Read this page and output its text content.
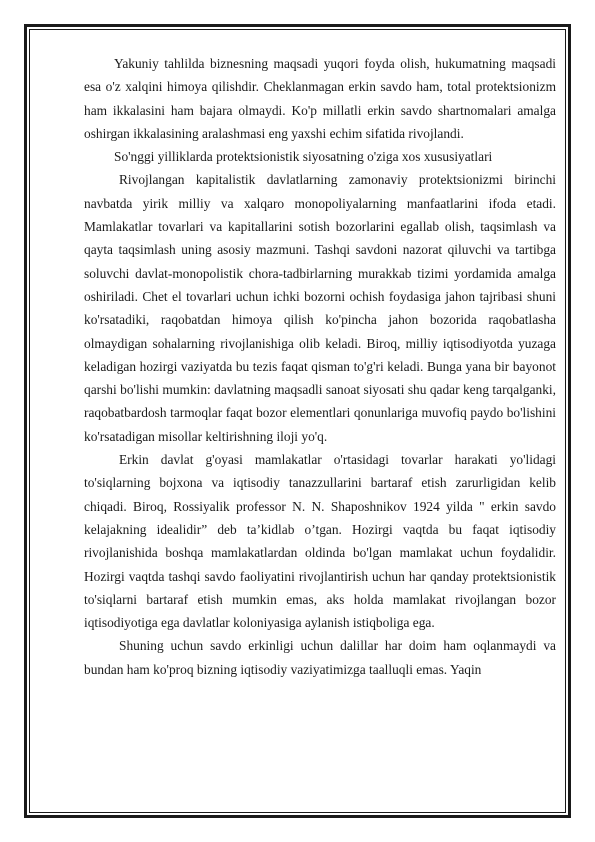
Yakuniy tahlilda biznesning maqsadi yuqori foyda olish, hukumatning maqsadi esa o'z xalqini himoya qilishdir. Cheklanmagan erkin savdo ham, total protektsionizm ham ikkalasini ham bajara olmaydi. Ko'p millatli erkin savdo shartnomalari amalga oshirgan ikkalasining aralashmasi eng yaxshi echim sifatida rivojlandi.

So'nggi yilliklarda protektsionistik siyosatning o'ziga xos xususiyatlari

Rivojlangan kapitalistik davlatlarning zamonaviy protektsionizmi birinchi navbatda yirik milliy va xalqaro monopoliyalarning manfaatlarini ifoda etadi. Mamlakatlar tovarlari va kapitallarini sotish bozorlarini egallab olish, taqsimlash va qayta taqsimlash uning asosiy mazmuni. Tashqi savdoni nazorat qiluvchi va tartibga soluvchi davlat-monopolistik chora-tadbirlarning murakkab tizimi yordamida amalga oshiriladi. Chet el tovarlari uchun ichki bozorni ochish foydasiga jahon tajribasi shuni ko'rsatadiki, raqobatdan himoya qilish ko'pincha jahon bozorida raqobatlasha olmaydigan sohalarning rivojlanishiga olib keladi. Biroq, milliy iqtisodiyotda yuzaga keladigan hozirgi vaziyatda bu tezis faqat qisman to'g'ri keladi. Bunga yana bir bayonot qarshi bo'lishi mumkin: davlatning maqsadli sanoat siyosati shu qadar keng tarqalganki, raqobatbardosh tarmoqlar faqat bozor elementlari qonunlariga muvofiq paydo bo'lishini ko'rsatadigan misollar keltirishning iloji yo'q.

Erkin davlat g'oyasi mamlakatlar o'rtasidagi tovarlar harakati yo'lidagi to'siqlarning bojxona va iqtisodiy tanazzullarini bartaraf etish zarurligidan kelib chiqadi. Biroq, Rossiyalik professor N. N. Shaposhnikov 1924 yilda " erkin savdo kelajakning idealidir” deb ta’kidlab o’tgan. Hozirgi vaqtda bu faqat iqtisodiy rivojlanishida boshqa mamlakatlardan oldinda bo'lgan mamlakat uchun foydalidir. Hozirgi vaqtda tashqi savdo faoliyatini rivojlantirish uchun har qanday protektsionistik to'siqlarni bartaraf etish mumkin emas, aks holda mamlakat rivojlangan bozor iqtisodiyotiga ega davlatlar koloniyasiga aylanish istiqboliga ega.

Shuning uchun savdo erkinligi uchun dalillar har doim ham oqlanmaydi va bundan ham ko'proq bizning iqtisodiy vaziyatimizga taalluqli emas. Yaqin
